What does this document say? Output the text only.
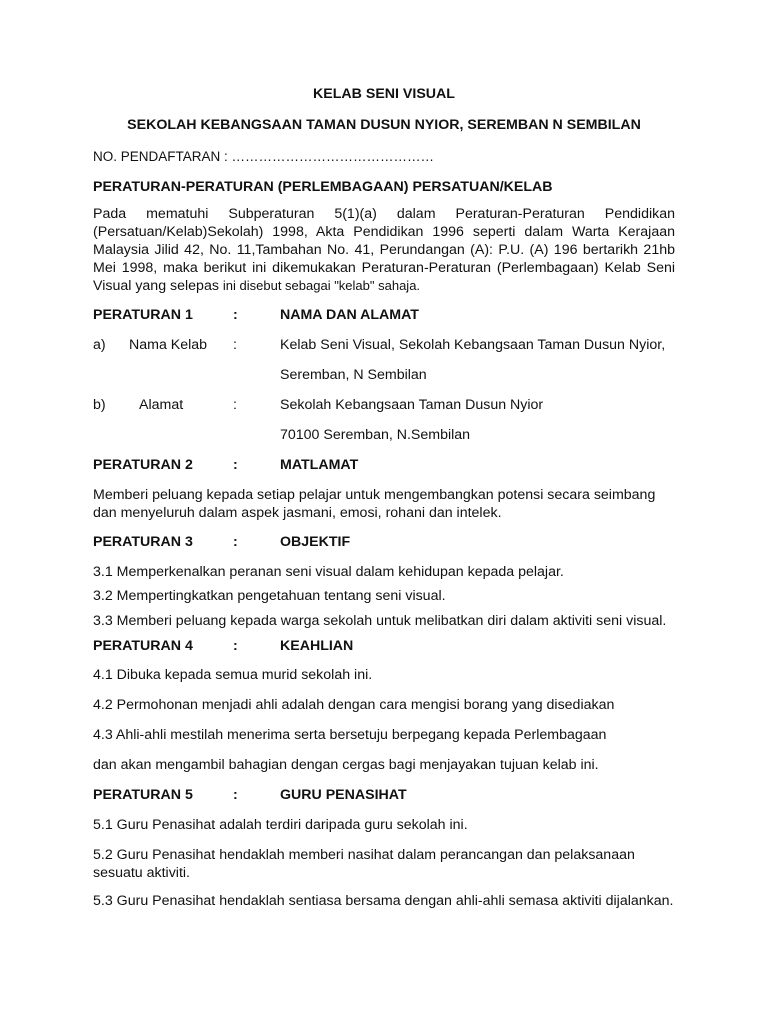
KELAB SENI VISUAL
SEKOLAH KEBANGSAAN TAMAN DUSUN NYIOR, SEREMBAN N SEMBILAN
NO. PENDAFTARAN : ………………………………………
PERATURAN-PERATURAN (PERLEMBAGAAN) PERSATUAN/KELAB
Pada mematuhi Subperaturan 5(1)(a) dalam Peraturan-Peraturan Pendidikan (Persatuan/Kelab)Sekolah) 1998, Akta Pendidikan 1996 seperti dalam Warta Kerajaan Malaysia Jilid 42, No. 11,Tambahan No. 41, Perundangan (A): P.U. (A) 196 bertarikh 21hb Mei 1998, maka berikut ini dikemukakan Peraturan-Peraturan (Perlembagaan) Kelab Seni Visual yang selepas ini disebut sebagai "kelab" sahaja.
PERATURAN 1	:	NAMA DAN ALAMAT
a) Nama Kelab :	Kelab Seni Visual, Sekolah Kebangsaan Taman Dusun Nyior,
Seremban, N Sembilan
b) Alamat	:	Sekolah Kebangsaan Taman Dusun Nyior
70100 Seremban, N.Sembilan
PERATURAN 2	:	MATLAMAT
Memberi peluang kepada setiap pelajar untuk mengembangkan potensi secara seimbang dan menyeluruh dalam aspek jasmani, emosi, rohani dan intelek.
PERATURAN 3	:	OBJEKTIF
3.1 Memperkenalkan peranan seni visual dalam kehidupan kepada pelajar.
3.2 Mempertingkatkan pengetahuan tentang seni visual.
3.3 Memberi peluang kepada warga sekolah untuk melibatkan diri dalam aktiviti seni visual.
PERATURAN 4	:	KEAHLIAN
4.1 Dibuka kepada semua murid sekolah ini.
4.2 Permohonan menjadi ahli adalah dengan cara mengisi borang yang disediakan
4.3 Ahli-ahli mestilah menerima serta bersetuju berpegang kepada Perlembagaan
dan akan mengambil bahagian dengan cergas bagi menjayakan tujuan kelab ini.
PERATURAN 5	:	GURU PENASIHAT
5.1 Guru Penasihat adalah terdiri daripada guru sekolah ini.
5.2 Guru Penasihat hendaklah memberi nasihat dalam perancangan dan pelaksanaan sesuatu aktiviti.
5.3 Guru Penasihat hendaklah sentiasa bersama dengan ahli-ahli semasa aktiviti dijalankan.
